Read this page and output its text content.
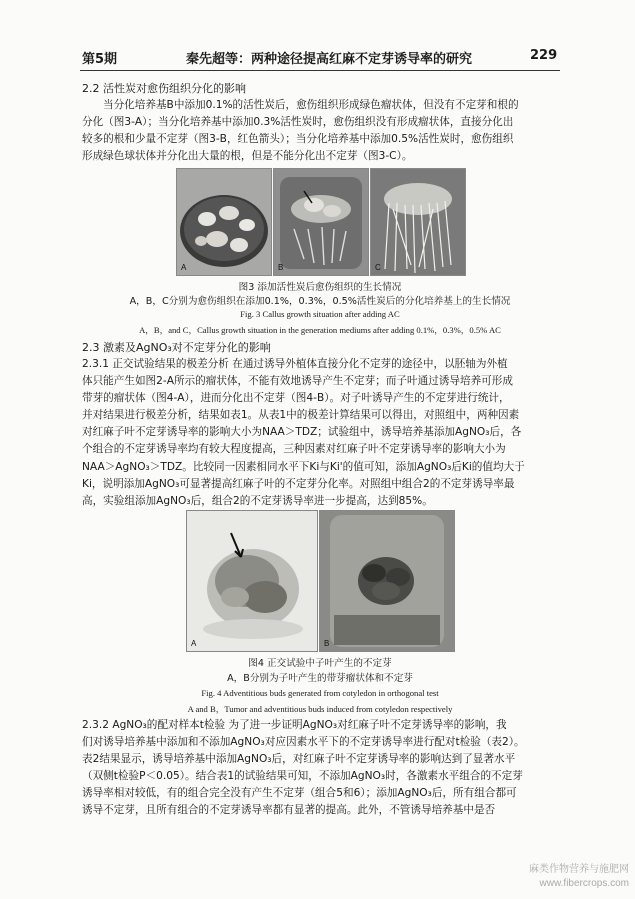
第5期	秦先超等：两种途径提高红麻不定芽诱导率的研究	229
2.2 活性炭对愈伤组织分化的影响
当分化培养基B中添加0.1%的活性炭后，愈伤组织形成绿色瘤状体，但没有不定芽和根的
分化（图3-A）；当分化培养基中添加0.3%活性炭时，愈伤组织没有形成瘤状体，直接分化出
较多的根和少量不定芽（图3-B，红色箭头）；当分化培养基中添加0.5%活性炭时，愈伤组织
形成绿色球状体并分化出大量的根，但是不能分化出不定芽（图3-C）。
A	B	C
图3 添加活性炭后愈伤组织的生长情况
A，B，C分别为愈伤组织在添加0.1%，0.3%，0.5%活性炭后的分化培养基上的生长情况
Fig. 3 Callus growth situation after adding AC
A，B，and C，Callus growth situation in the generation mediums after adding 0.1%，0.3%，0.5% AC
2.3 激素及AgNO₃对不定芽分化的影响
2.3.1 正交试验结果的极差分析 在通过诱导外植体直接分化不定芽的途径中，以胚轴为外植
体只能产生如图2-A所示的瘤状体，不能有效地诱导产生不定芽；而子叶通过诱导培养可形成
带芽的瘤状体（图4-A），进而分化出不定芽（图4-B）。对子叶诱导产生的不定芽进行统计，
并对结果进行极差分析，结果如表1。从表1中的极差计算结果可以得出，对照组中，两种因素
对红麻子叶不定芽诱导率的影响大小为NAA＞TDZ；试验组中，诱导培养基添加AgNO₃后，各
个组合的不定芽诱导率均有较大程度提高，三种因素对红麻子叶不定芽诱导率的影响大小为
NAA＞AgNO₃＞TDZ。比较同一因素相同水平下Ki与Ki'的值可知，添加AgNO₃后Ki的值均大于
Ki，说明添加AgNO₃可显著提高红麻子叶的不定芽分化率。对照组中组合2的不定芽诱导率最
高，实验组添加AgNO₃后，组合2的不定芽诱导率进一步提高，达到85%。
A	B
图4 正交试验中子叶产生的不定芽
A，B分别为子叶产生的带芽瘤状体和不定芽
Fig. 4 Adventitious buds generated from cotyledon in orthogonal test
A and B，Tumor and adventitious buds induced from cotyledon respectively
2.3.2 AgNO₃的配对样本t检验 为了进一步证明AgNO₃对红麻子叶不定芽诱导率的影响，我
们对诱导培养基中添加和不添加AgNO₃对应因素水平下的不定芽诱导率进行配对t检验（表2）。
表2结果显示，诱导培养基中添加AgNO₃后，对红麻子叶不定芽诱导率的影响达到了显著水平
（双侧t检验P＜0.05）。结合表1的试验结果可知，不添加AgNO₃时，各激素水平组合的不定芽
诱导率相对较低，有的组合完全没有产生不定芽（组合5和6）；添加AgNO₃后，所有组合都可
诱导不定芽，且所有组合的不定芽诱导率都有显著的提高。此外，不管诱导培养基中是否
麻类作物营养与施肥网
www.fibercrops.com
